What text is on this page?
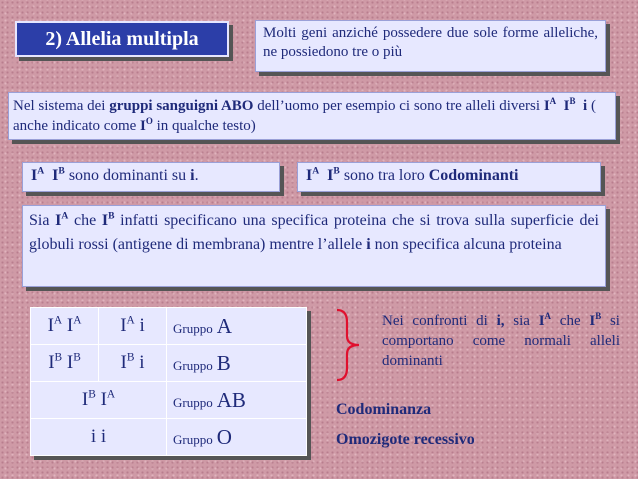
2) Allelia multipla	Molti geni anziché possedere due sole forme alleliche, ne possiedono tre o più
Nel sistema dei gruppi sanguigni ABO dell’uomo per esempio ci sono tre alleli diversi $I^A$ $I^B$ i ( anche indicato come $I^O$ in qualche testo)
$I^A$ $I^B$ sono dominanti su i.	$I^A$ $I^B$ sono tra loro Codominanti
Sia $I^A$ che $I^B$ infatti specificano una specifica proteina che si trova sulla superficie dei globuli rossi (antigene di membrana) mentre l’allele i non specifica alcuna proteina
$I^A$ $I^A$	$I^A$ i	Gruppo A
$I^B$ $I^B$	$I^B$ i	Gruppo B
$I^B$ $I^A$		Gruppo AB
i i		Gruppo O
Nei confronti di i, sia $I^A$ che $I^B$ si comportano come normali alleli dominanti
Codominanza
Omozigote recessivo
